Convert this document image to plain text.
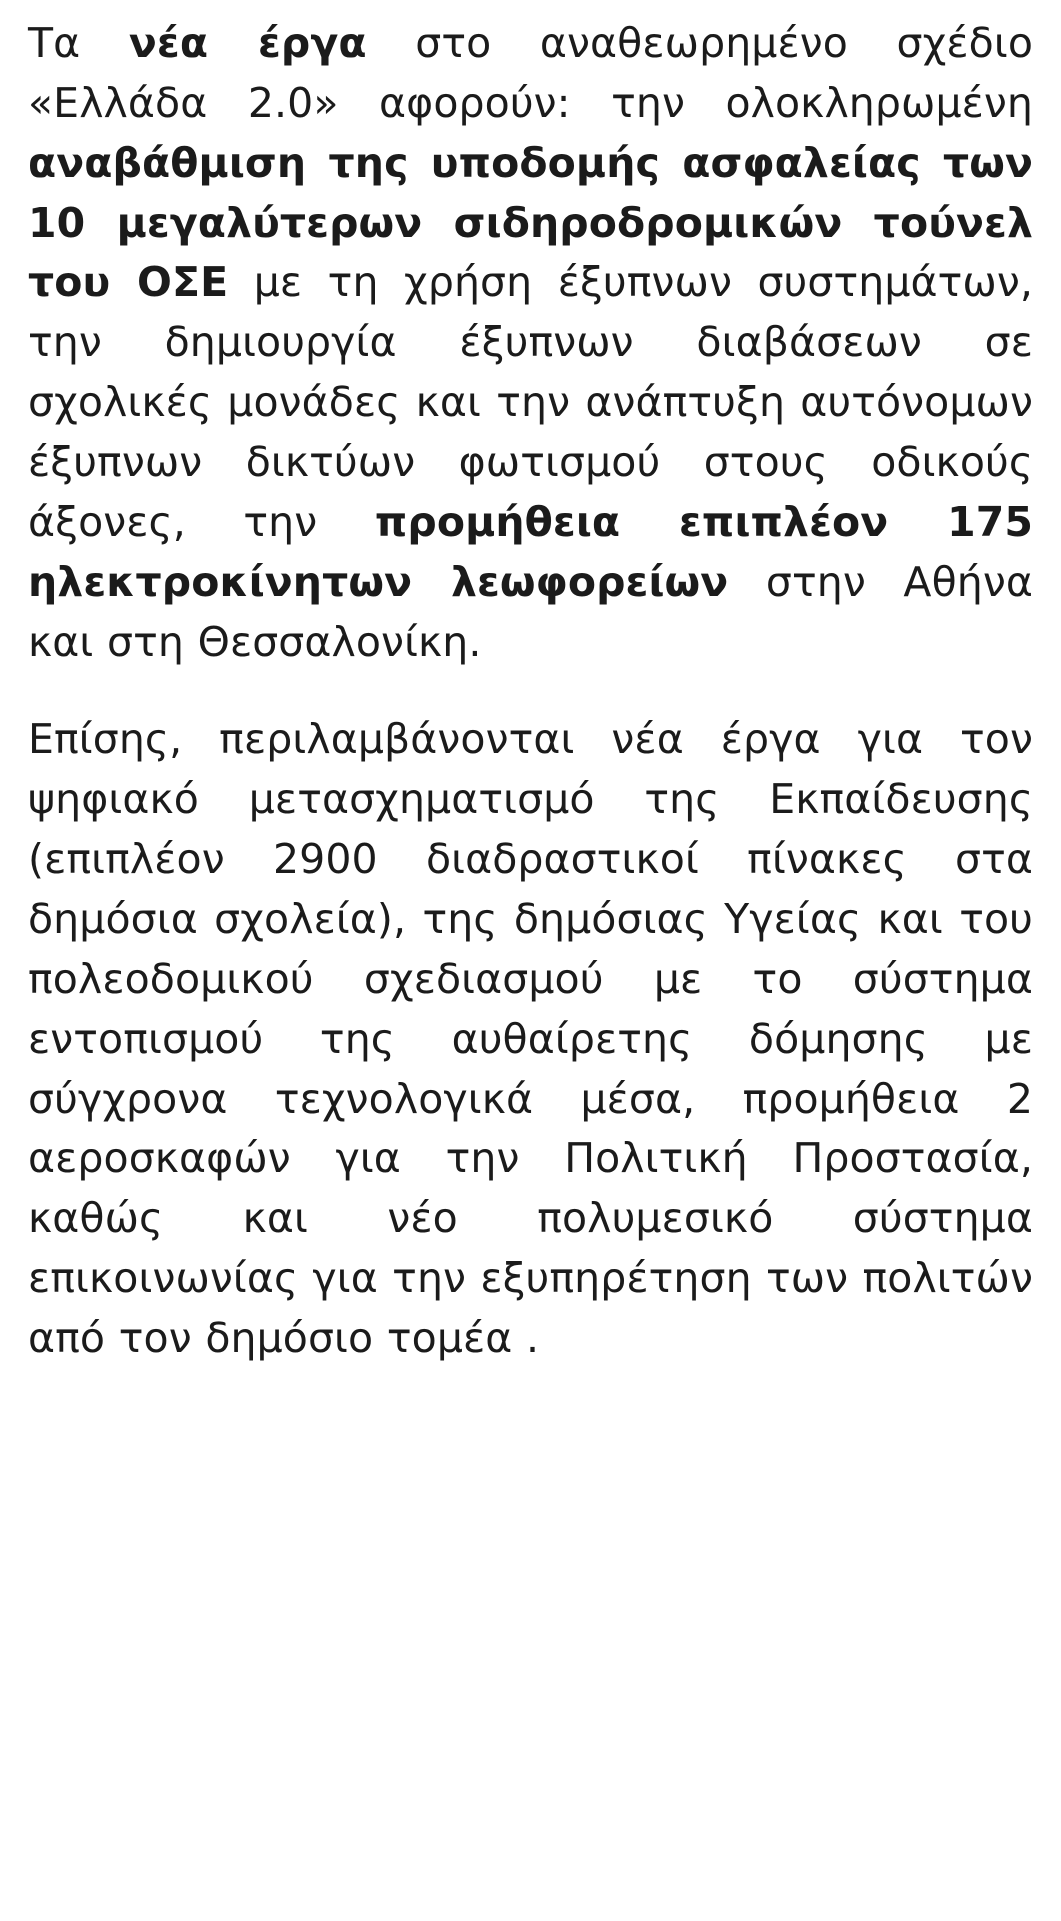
Τα νέα έργα στο αναθεωρημένο σχέδιο «Ελλάδα 2.0» αφορούν: την ολοκληρωμένη αναβάθμιση της υποδομής ασφαλείας των 10 μεγαλύτερων σιδηροδρομικών τούνελ του ΟΣΕ με τη χρήση έξυπνων συστημάτων, την δημιουργία έξυπνων διαβάσεων σε σχολικές μονάδες και την ανάπτυξη αυτόνομων έξυπνων δικτύων φωτισμού στους οδικούς άξονες, την προμήθεια επιπλέον 175 ηλεκτροκίνητων λεωφορείων στην Αθήνα και στη Θεσσαλονίκη.

Επίσης, περιλαμβάνονται νέα έργα για τον ψηφιακό μετασχηματισμό της Εκπαίδευσης (επιπλέον 2900 διαδραστικοί πίνακες στα δημόσια σχολεία), της δημόσιας Υγείας και του πολεοδομικού σχεδιασμού με το σύστημα εντοπισμού της αυθαίρετης δόμησης με σύγχρονα τεχνολογικά μέσα, προμήθεια 2 αεροσκαφών για την Πολιτική Προστασία, καθώς και νέο πολυμεσικό σύστημα επικοινωνίας για την εξυπηρέτηση των πολιτών από τον δημόσιο τομέα .
